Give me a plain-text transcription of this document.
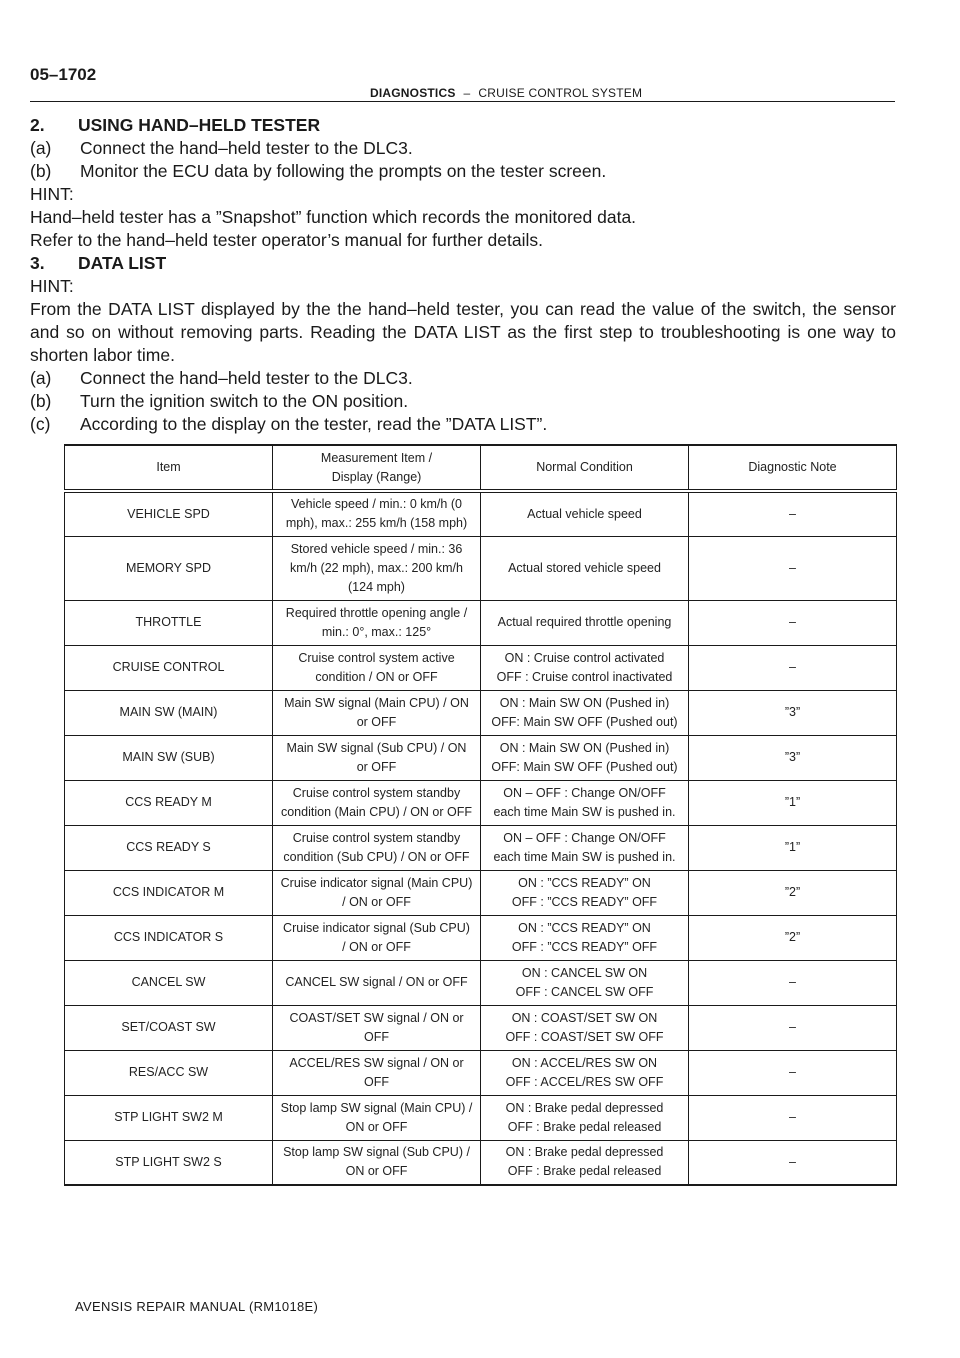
05–1702
DIAGNOSTICS – CRUISE CONTROL SYSTEM
2. USING HAND–HELD TESTER
(a) Connect the hand–held tester to the DLC3.
(b) Monitor the ECU data by following the prompts on the tester screen.
HINT:
Hand–held tester has a ”Snapshot” function which records the monitored data.
Refer to the hand–held tester operator’s manual for further details.
3. DATA LIST
HINT:
From the DATA LIST displayed by the the hand–held tester, you can read the value of the switch, the sensor and so on without removing parts. Reading the DATA LIST as the first step to troubleshooting is one way to shorten labor time.
(a) Connect the hand–held tester to the DLC3.
(b) Turn the ignition switch to the ON position.
(c) According to the display on the tester, read the ”DATA LIST”.
Item	Measurement Item /
Display (Range)	Normal Condition	Diagnostic Note

VEHICLE SPD	Vehicle speed / min.: 0 km/h (0
mph), max.: 255 km/h (158 mph)	Actual vehicle speed	–

MEMORY SPD	Stored vehicle speed / min.: 36
km/h (22 mph), max.: 200 km/h
(124 mph)	Actual stored vehicle speed	–

THROTTLE	Required throttle opening angle /
min.: 0°, max.: 125°	Actual required throttle opening	–

CRUISE CONTROL	Cruise control system active
condition / ON or OFF	ON : Cruise control activated
OFF : Cruise control inactivated	–

MAIN SW (MAIN)	Main SW signal (Main CPU) / ON
or OFF	ON : Main SW ON (Pushed in)
OFF: Main SW OFF (Pushed out)	”3”

MAIN SW (SUB)	Main SW signal (Sub CPU) / ON
or OFF	ON : Main SW ON (Pushed in)
OFF: Main SW OFF (Pushed out)	”3”

CCS READY M	Cruise control system standby
condition (Main CPU) / ON or OFF	ON – OFF : Change ON/OFF
each time Main SW is pushed in.	”1”

CCS READY S	Cruise control system standby
condition (Sub CPU) / ON or OFF	ON – OFF : Change ON/OFF
each time Main SW is pushed in.	”1”

CCS INDICATOR M	Cruise indicator signal (Main CPU)
/ ON or OFF	ON : ”CCS READY” ON
OFF : ”CCS READY” OFF	”2”

CCS INDICATOR S	Cruise indicator signal (Sub CPU)
/ ON or OFF	ON : ”CCS READY” ON
OFF : ”CCS READY” OFF	”2”

CANCEL SW	CANCEL SW signal / ON or OFF	ON : CANCEL SW ON
OFF : CANCEL SW OFF	–

SET/COAST SW	COAST/SET SW signal / ON or
OFF	ON : COAST/SET SW ON
OFF : COAST/SET SW OFF	–

RES/ACC SW	ACCEL/RES SW signal / ON or
OFF	ON : ACCEL/RES SW ON
OFF : ACCEL/RES SW OFF	–

STP LIGHT SW2 M	Stop lamp SW signal (Main CPU) /
ON or OFF	ON : Brake pedal depressed
OFF : Brake pedal released	–

STP LIGHT SW2 S	Stop lamp SW signal (Sub CPU) /
ON or OFF	ON : Brake pedal depressed
OFF : Brake pedal released	–
AVENSIS REPAIR MANUAL (RM1018E)
